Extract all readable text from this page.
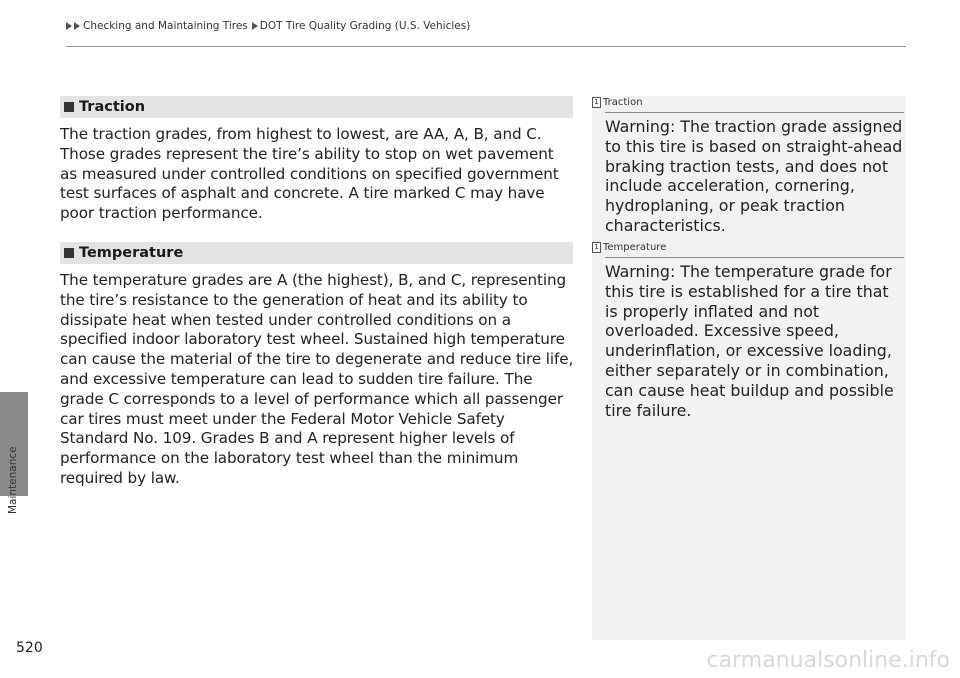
Checking and Maintaining Tires DOT Tire Quality Grading (U.S. Vehicles)
Maintenance
520
Traction
The traction grades, from highest to lowest, are AA, A, B, and C. Those grades represent the tire’s ability to stop on wet pavement as measured under controlled conditions on specified government test surfaces of asphalt and concrete. A tire marked C may have poor traction performance.
Temperature
The temperature grades are A (the highest), B, and C, representing the tire’s resistance to the generation of heat and its ability to dissipate heat when tested under controlled conditions on a specified indoor laboratory test wheel. Sustained high temperature can cause the material of the tire to degenerate and reduce tire life, and excessive temperature can lead to sudden tire failure. The grade C corresponds to a level of performance which all passenger car tires must meet under the Federal Motor Vehicle Safety Standard No. 109. Grades B and A represent higher levels of performance on the laboratory test wheel than the minimum required by law.
1 Traction
Warning: The traction grade assigned to this tire is based on straight-ahead braking traction tests, and does not include acceleration, cornering, hydroplaning, or peak traction characteristics.
1 Temperature
Warning: The temperature grade for this tire is established for a tire that is properly inflated and not overloaded. Excessive speed, underinflation, or excessive loading, either separately or in combination, can cause heat buildup and possible tire failure.
carmanualsonline.info
